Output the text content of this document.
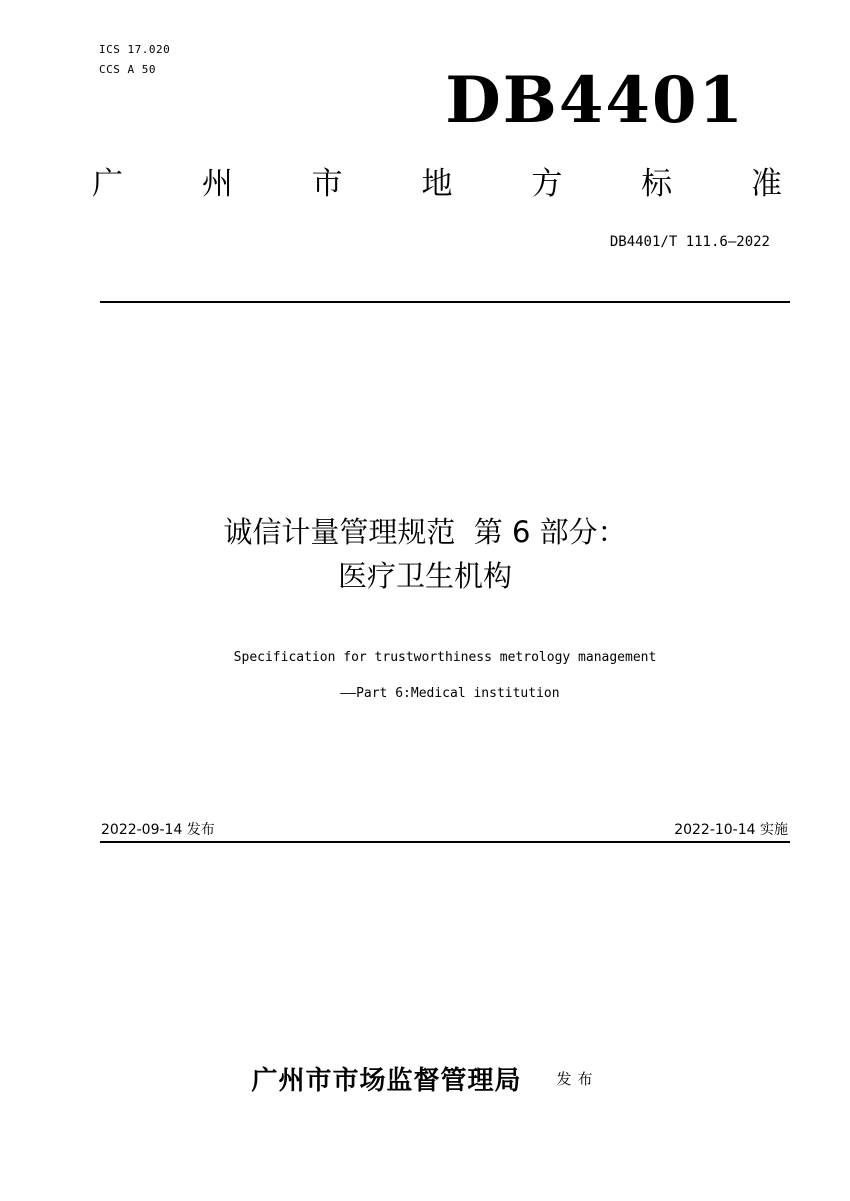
ICS 17.020
CCS A 50	DB4401
广	州	市	地	方	标	准
DB4401/T 111.6—2022
诚信计量管理规范  第 6 部分：
医疗卫生机构
Specification for trustworthiness metrology management
——Part 6:Medical institution
2022-09-14 发布	2022-10-14 实施
广州市市场监督管理局 发布
